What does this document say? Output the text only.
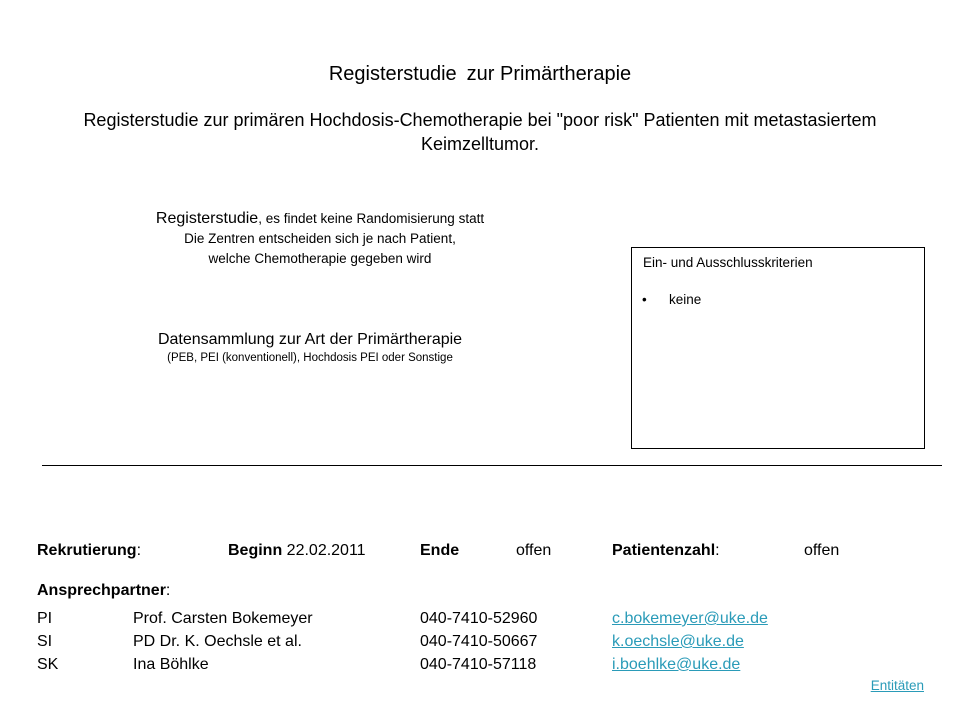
Registerstudie zur Primärtherapie
Registerstudie zur primären Hochdosis-Chemotherapie bei "poor risk" Patienten mit metastasiertem Keimzelltumor.
Registerstudie, es findet keine Randomisierung statt
Die Zentren entscheiden sich je nach Patient,
welche Chemotherapie gegeben wird
Datensammlung zur Art der Primärtherapie
(PEB, PEI (konventionell), Hochdosis PEI oder Sonstige
Ein- und Ausschlusskriterien
• keine
Rekrutierung:	Beginn 22.02.2011	Ende	offen	Patientenzahl:	offen
Ansprechpartner:
PI	Prof. Carsten Bokemeyer	040-7410-52960	c.bokemeyer@uke.de
SI	PD Dr. K. Oechsle et al.	040-7410-50667	k.oechsle@uke.de
SK	Ina Böhlke	040-7410-57118	i.boehlke@uke.de
Entitäten
